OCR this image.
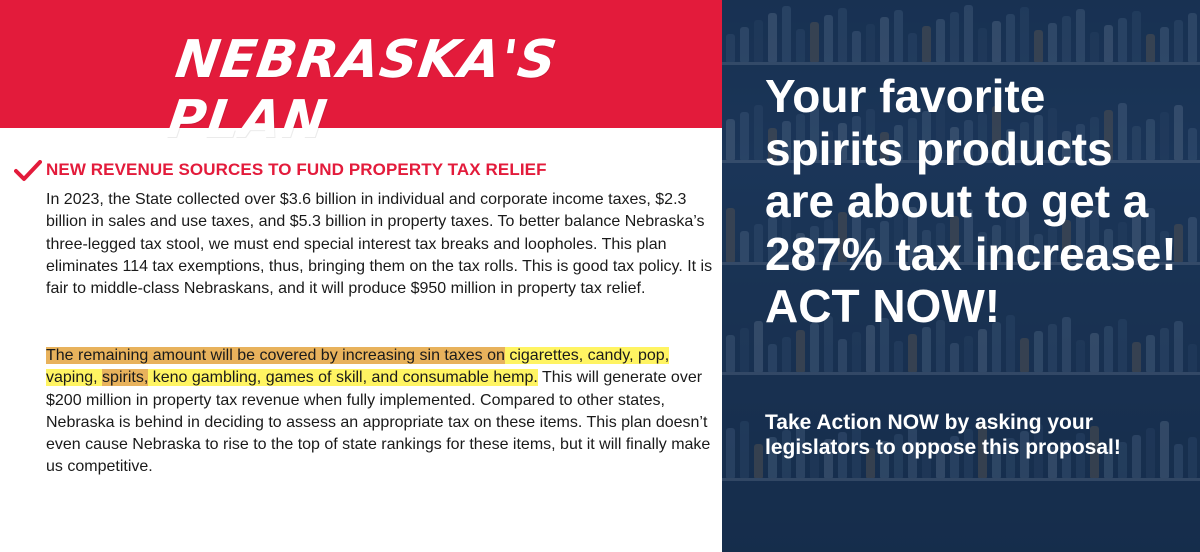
NEBRASKA'S PLAN
NEW REVENUE SOURCES TO FUND PROPERTY TAX RELIEF
In 2023, the State collected over $3.6 billion in individual and corporate income taxes, $2.3 billion in sales and use taxes, and $5.3 billion in property taxes. To better balance Nebraska’s three-legged tax stool, we must end special interest tax breaks and loopholes. This plan eliminates 114 tax exemptions, thus, bringing them on the tax rolls. This is good tax policy. It is fair to middle-class Nebraskans, and it will produce $950 million in property tax relief.
The remaining amount will be covered by increasing sin taxes on cigarettes, candy, pop, vaping, spirits, keno gambling, games of skill, and consumable hemp. This will generate over $200 million in property tax revenue when fully implemented. Compared to other states, Nebraska is behind in deciding to assess an appropriate tax on these items. This plan doesn’t even cause Nebraska to rise to the top of state rankings for these items, but it will finally make us competitive.
Your favorite spirits products are about to get a 287% tax increase! ACT NOW!
Take Action NOW by asking your legislators to oppose this proposal!
